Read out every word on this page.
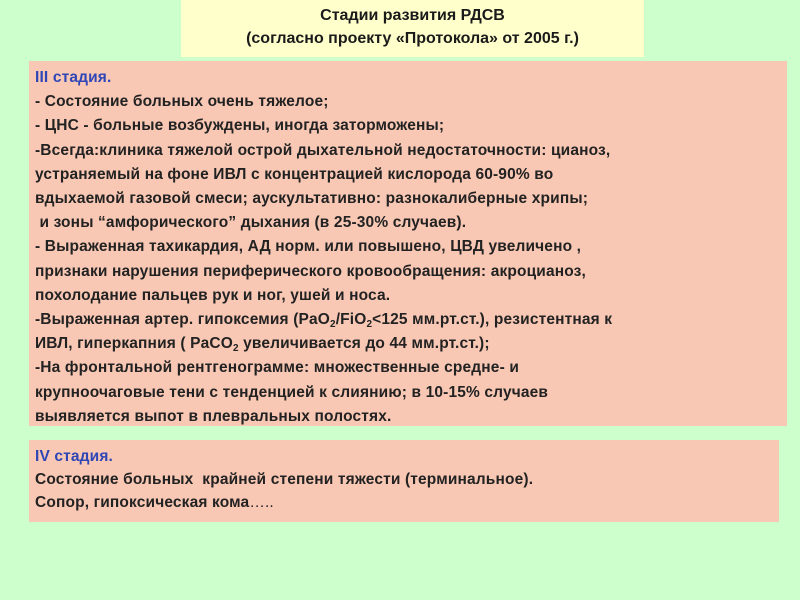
Стадии развития РДСВ
(согласно проекту «Протокола» от 2005 г.)
III стадия.
- Состояние больных очень тяжелое;
- ЦНС - больные возбуждены, иногда заторможены;
-Всегда:клиника тяжелой острой дыхательной недостаточности: цианоз,
устраняемый на фоне ИВЛ с концентрацией кислорода 60-90% во
вдыхаемой газовой смеси; аускультативно: разнокалиберные хрипы;
и зоны “амфорического” дыхания (в 25-30% случаев).
- Выраженная тахикардия, АД норм. или повышено, ЦВД увеличено ,
признаки нарушения периферического кровообращения: акроцианоз,
похолодание пальцев рук и ног, ушей и носа.
-Выраженная артер. гипоксемия (PaO$_2$/FiO$_2$<125 мм.рт.ст.), резистентная к
ИВЛ, гиперкапния ( PaCO$_2$ увеличивается до 44 мм.рт.ст.);
-На фронтальной рентгенограмме: множественные средне- и
крупноочаговые тени с тенденцией к слиянию; в 10-15% случаев
выявляется выпот в плевральных полостях.
IV стадия.
Состояние больных  крайней степени тяжести (терминальное).
Сопор, гипоксическая кома…..
